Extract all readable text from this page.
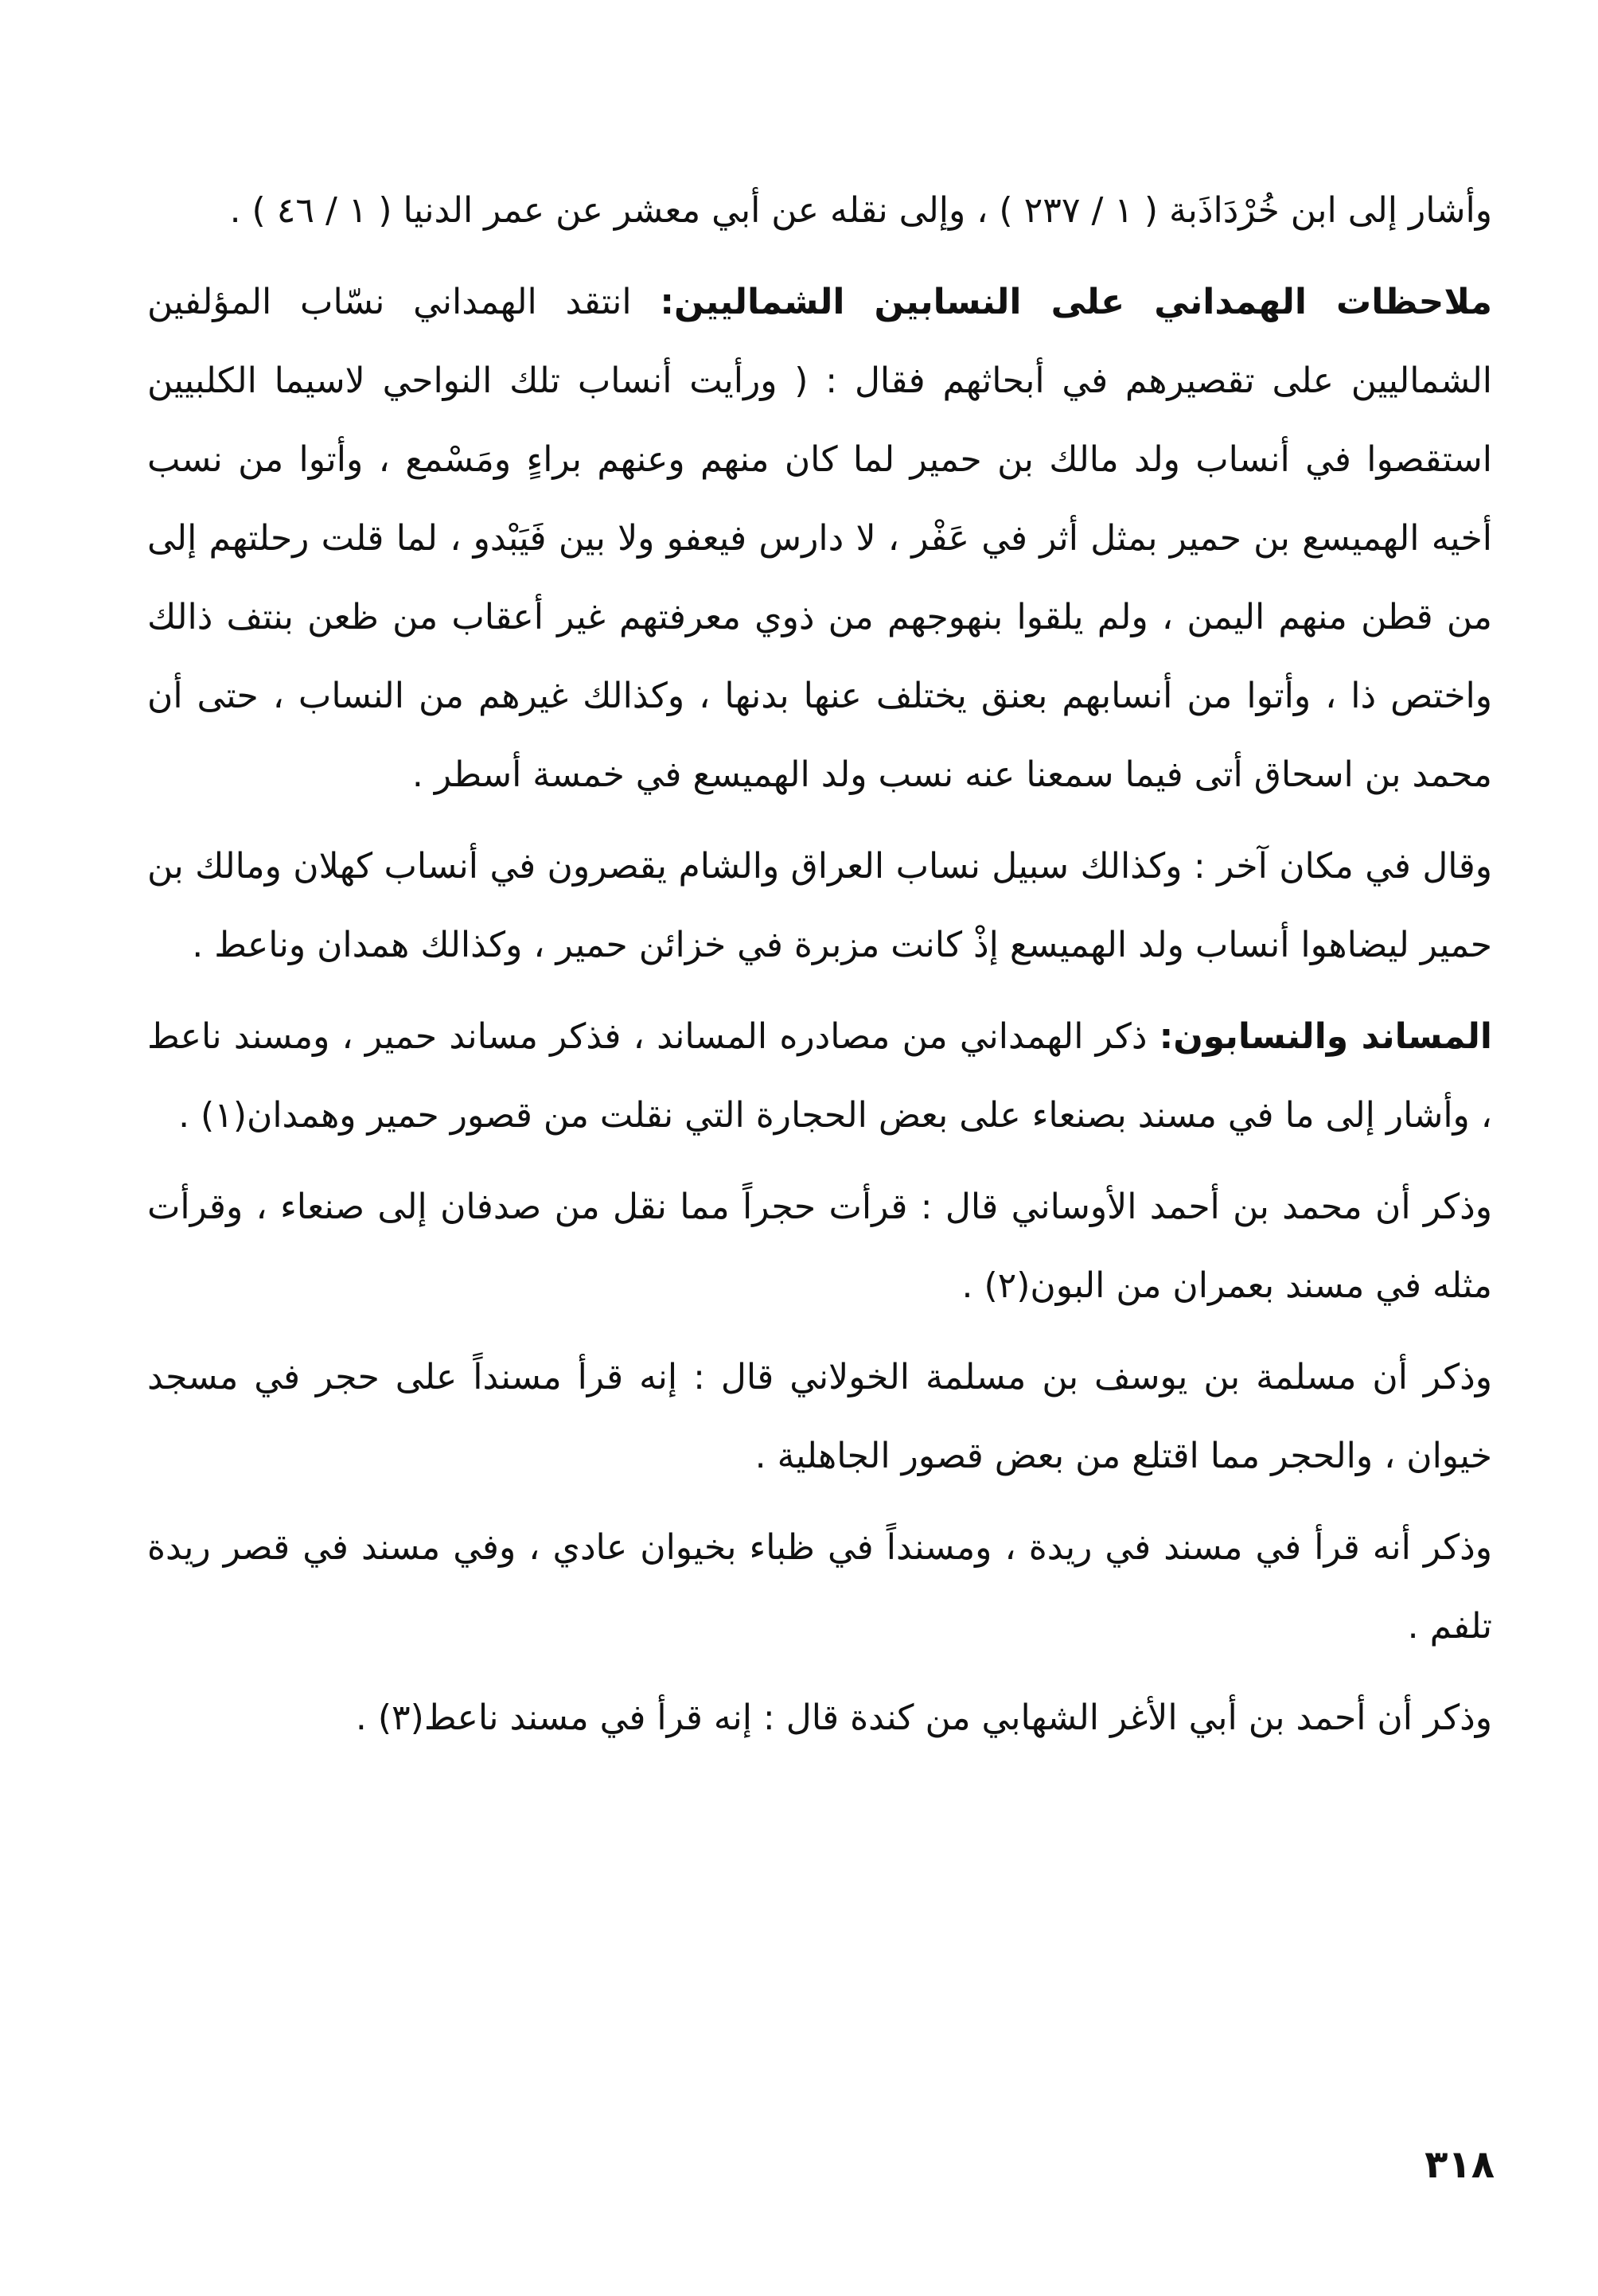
وأشار إلى ابن خُرْدَاذَبة ( ١ / ٢٣٧ ) ، وإلى نقله عن أبي معشر عن عمر الدنيا ( ١ / ٤٦ ) .

ملاحظات الهمداني على النسابين الشماليين: انتقد الهمداني نسّاب المؤلفين الشماليين على تقصيرهم في أبحاثهم فقال : ( ورأيت أنساب تلك النواحي لاسيما الكلبيين استقصوا في أنساب ولد مالك بن حمير لما كان منهم وعنهم براءٍ ومَسْمع ، وأتوا من نسب أخيه الهميسع بن حمير بمثل أثر في عَفْر ، لا دارس فيعفو ولا بين فَيَبْدو ، لما قلت رحلتهم إلى من قطن منهم اليمن ، ولم يلقوا بنهوجهم من ذوي معرفتهم غير أعقاب من ظعن بنتف ذالك واختص ذا ، وأتوا من أنسابهم بعنق يختلف عنها بدنها ، وكذالك غيرهم من النساب ، حتى أن محمد بن اسحاق أتى فيما سمعنا عنه نسب ولد الهميسع في خمسة أسطر .

وقال في مكان آخر : وكذالك سبيل نساب العراق والشام يقصرون في أنساب كهلان ومالك بن حمير ليضاهوا أنساب ولد الهميسع إذْ كانت مزبرة في خزائن حمير ، وكذالك همدان وناعط .

المساند والنسابون: ذكر الهمداني من مصادره المساند ، فذكر مساند حمير ، ومسند ناعط ، وأشار إلى ما في مسند بصنعاء على بعض الحجارة التي نقلت من قصور حمير وهمدان(١) .

وذكر أن محمد بن أحمد الأوساني قال : قرأت حجراً مما نقل من صدفان إلى صنعاء ، وقرأت مثله في مسند بعمران من البون(٢) .

وذكر أن مسلمة بن يوسف بن مسلمة الخولاني قال : إنه قرأ مسنداً على حجر في مسجد خيوان ، والحجر مما اقتلع من بعض قصور الجاهلية .

وذكر أنه قرأ في مسند في ريدة ، ومسنداً في ظباء بخيوان عادي ، وفي مسند في قصر ريدة تلفم .

وذكر أن أحمد بن أبي الأغر الشهابي من كندة قال : إنه قرأ في مسند ناعط(٣) .

٣١٨
